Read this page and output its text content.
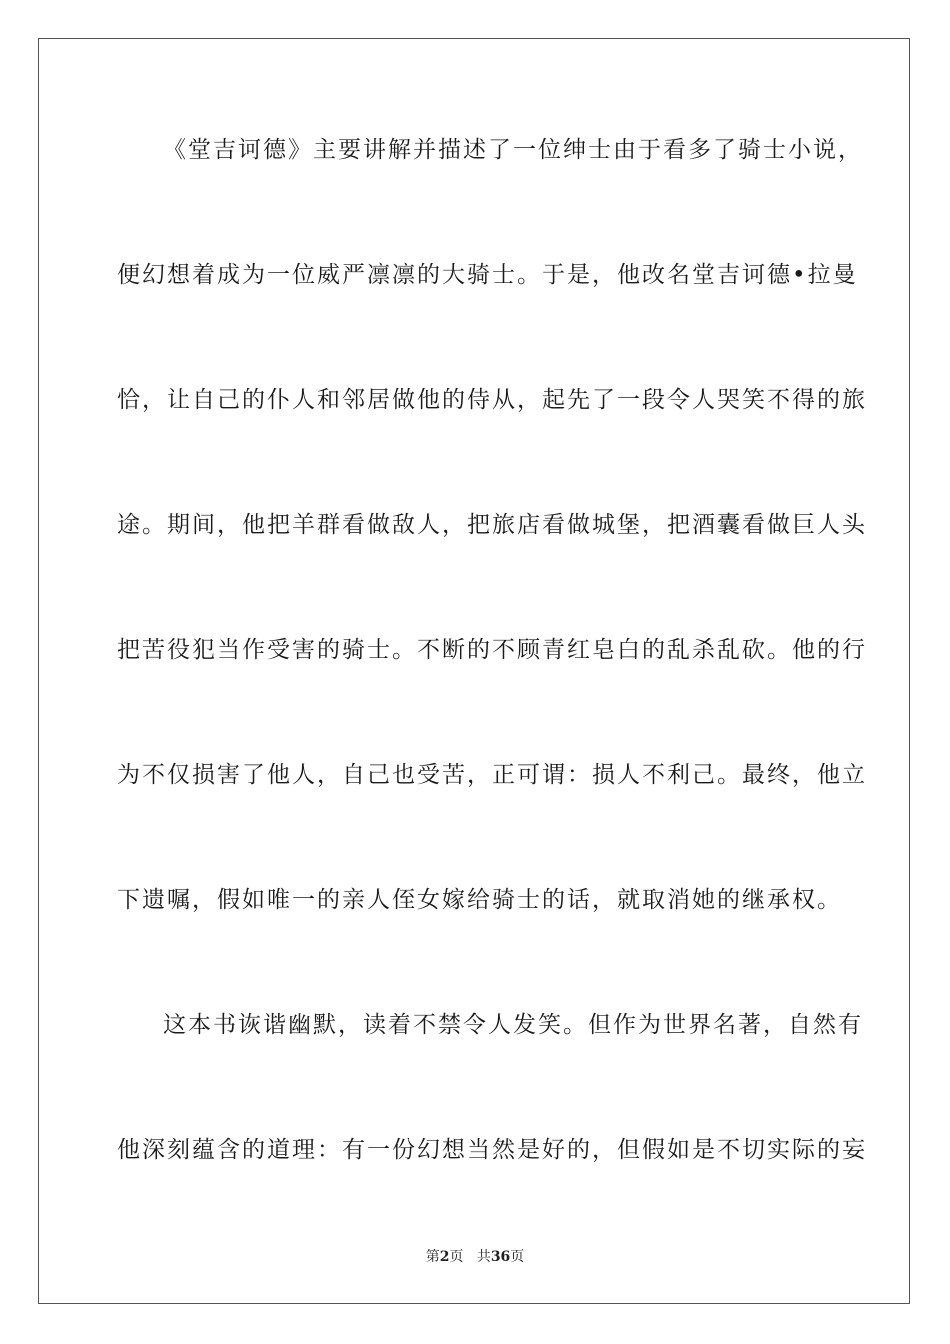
《堂吉诃德》主要讲解并描述了一位绅士由于看多了骑士小说，
便幻想着成为一位威严凛凛的大骑士。于是，他改名堂吉诃德•拉曼
恰，让自己的仆人和邻居做他的侍从，起先了一段令人哭笑不得的旅
途。期间，他把羊群看做敌人，把旅店看做城堡，把酒囊看做巨人头
把苦役犯当作受害的骑士。不断的不顾青红皂白的乱杀乱砍。他的行
为不仅损害了他人，自己也受苦，正可谓：损人不利己。最终，他立
下遗嘱，假如唯一的亲人侄女嫁给骑士的话，就取消她的继承权。
这本书诙谐幽默，读着不禁令人发笑。但作为世界名著，自然有
他深刻蕴含的道理：有一份幻想当然是好的，但假如是不切实际的妄
第2页 共36页
